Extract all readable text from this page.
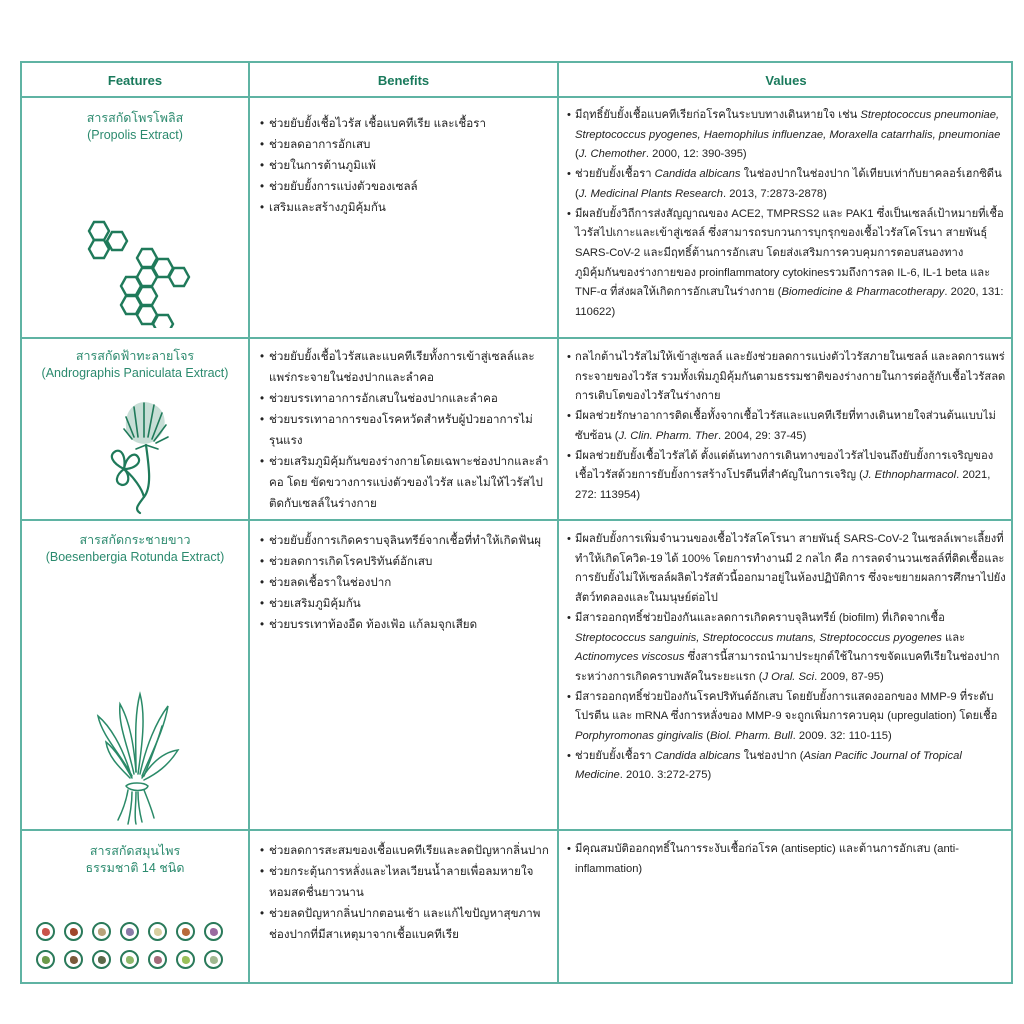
Features	Benefits	Values
สารสกัดโพรโพลิส
(Propolis Extract)
• ช่วยยับยั้งเชื้อไวรัส เชื้อแบคทีเรีย และเชื้อรา
• ช่วยลดอาการอักเสบ
• ช่วยในการต้านภูมิแพ้
• ช่วยยับยั้งการแบ่งตัวของเซลล์
• เสริมและสร้างภูมิคุ้มกัน
• มีฤทธิ์ยับยั้งเชื้อแบคทีเรียก่อโรคในระบบทางเดินหายใจ เช่น Streptococcus pneumoniae, Streptococcus pyogenes, Haemophilus influenzae, Moraxella catarrhalis, pneumoniae (J. Chemother. 2000, 12: 390-395)
• ช่วยยับยั้งเชื้อรา Candida albicans ในช่องปากในช่องปาก ได้เทียบเท่ากับยาคลอร์เฮกซิดีน (J. Medicinal Plants Research. 2013, 7:2873-2878)
• มีผลยับยั้งวิถีการส่งสัญญาณของ ACE2, TMPRSS2 และ PAK1 ซึ่งเป็นเซลล์เป้าหมายที่เชื้อไวรัสไปเกาะและเข้าสู่เซลล์ ซึ่งสามารถรบกวนการบุกรุกของเชื้อไวรัสโคโรนา สายพันธุ์ SARS-CoV-2 และมีฤทธิ์ต้านการอักเสบ โดยส่งเสริมการควบคุมการตอบสนองทางภูมิคุ้มกันของร่างกายของ proinflammatory cytokinesรวมถึงการลด IL-6, IL-1 beta และ TNF-α ที่ส่งผลให้เกิดการอักเสบในร่างกาย (Biomedicine & Pharmacotherapy. 2020, 131: 110622)
สารสกัดฟ้าทะลายโจร
(Andrographis Paniculata Extract)
• ช่วยยับยั้งเชื้อไวรัสและแบคทีเรียทั้งการเข้าสู่เซลล์และแพร่กระจายในช่องปากและลำคอ
• ช่วยบรรเทาอาการอักเสบในช่องปากและลำคอ
• ช่วยบรรเทาอาการของโรคหวัดสำหรับผู้ป่วยอาการไม่รุนแรง
• ช่วยเสริมภูมิคุ้มกันของร่างกายโดยเฉพาะช่องปากและลำคอ โดย ขัดขวางการแบ่งตัวของไวรัส และไม่ให้ไวรัสไปติดกับเซลล์ในร่างกาย
• กลไกต้านไวรัสไม่ให้เข้าสู่เซลล์ และยังช่วยลดการแบ่งตัวไวรัสภายในเซลล์ และลดการแพร่กระจายของไวรัส รวมทั้งเพิ่มภูมิคุ้มกันตามธรรมชาติของร่างกายในการต่อสู้กับเชื้อไวรัสลดการเติบโตของไวรัสในร่างกาย
• มีผลช่วยรักษาอาการติดเชื้อทั้งจากเชื้อไวรัสและแบคทีเรียที่ทางเดินหายใจส่วนต้นแบบไม่ซับซ้อน (J. Clin. Pharm. Ther. 2004, 29: 37-45)
• มีผลช่วยยับยั้งเชื้อไวรัสได้ ตั้งแต่ต้นทางการเดินทางของไวรัสไปจนถึงยับยั้งการเจริญของเชื้อไวรัสด้วยการยับยั้งการสร้างโปรตีนที่สำคัญในการเจริญ (J. Ethnopharmacol. 2021, 272: 113954)
สารสกัดกระชายขาว
(Boesenbergia Rotunda Extract)
• ช่วยยับยั้งการเกิดคราบจุลินทรีย์จากเชื้อที่ทำให้เกิดฟันผุ
• ช่วยลดการเกิดโรคปริทันต์อักเสบ
• ช่วยลดเชื้อราในช่องปาก
• ช่วยเสริมภูมิคุ้มกัน
• ช่วยบรรเทาท้องอืด ท้องเฟ้อ แก้ลมจุกเสียด
• มีผลยับยั้งการเพิ่มจำนวนของเชื้อไวรัสโคโรนา สายพันธุ์ SARS-CoV-2 ในเซลล์เพาะเลี้ยงที่ทำให้เกิดโควิด-19 ได้ 100% โดยการทำงานมี 2 กลไก คือ การลดจำนวนเซลล์ที่ติดเชื้อและการยับยั้งไม่ให้เซลล์ผลิตไวรัสตัวนี้ออกมาอยู่ในห้องปฏิบัติการ ซึ่งจะขยายผลการศึกษาไปยังสัตว์ทดลองและในมนุษย์ต่อไป
• มีสารออกฤทธิ์ช่วยป้องกันและลดการเกิดคราบจุลินทรีย์ (biofilm) ที่เกิดจากเชื้อ Streptococcus sanguinis, Streptococcus mutans, Streptococcus pyogenes และ Actinomyces viscosus ซึ่งสารนี้สามารถนำมาประยุกต์ใช้ในการขจัดแบคทีเรียในช่องปากระหว่างการเกิดคราบพลัคในระยะแรก (J Oral. Sci. 2009, 87-95)
• มีสารออกฤทธิ์ช่วยป้องกันโรคปริทันต์อักเสบ โดยยับยั้งการแสดงออกของ MMP-9 ที่ระดับโปรตีน และ mRNA ซึ่งการหลั่งของ MMP-9 จะถูกเพิ่มการควบคุม (upregulation) โดยเชื้อ Porphyromonas gingivalis (Biol. Pharm. Bull. 2009. 32: 110-115)
• ช่วยยับยั้งเชื้อรา Candida albicans ในช่องปาก (Asian Pacific Journal of Tropical Medicine. 2010. 3:272-275)
สารสกัดสมุนไพร
ธรรมชาติ 14 ชนิด
• ช่วยลดการสะสมของเชื้อแบคทีเรียและลดปัญหากลิ่นปาก
• ช่วยกระตุ้นการหลั่งและไหลเวียนน้ำลายเพื่อลมหายใจหอมสดชื่นยาวนาน
• ช่วยลดปัญหากลิ่นปากตอนเช้า และแก้ไขปัญหาสุขภาพช่องปากที่มีสาเหตุมาจากเชื้อแบคทีเรีย
• มีคุณสมบัติออกฤทธิ์ในการระงับเชื้อก่อโรค (antiseptic) และต้านการอักเสบ (anti-inflammation)
